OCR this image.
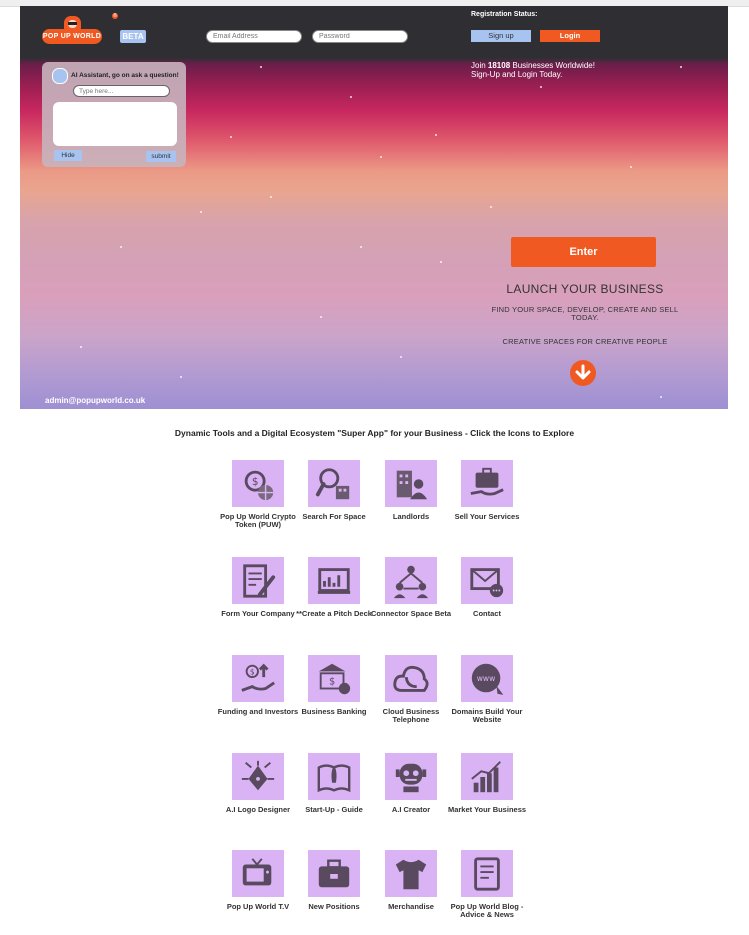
®
POP UP WORLD	BETA
Email Address
Registration Status:
Sign up	Login
Join 18108 Businesses Worldwide!
Sign-Up and Login Today.
AI Assistant, go on ask a question!
Type here...
Hide	submit
Enter
LAUNCH YOUR BUSINESS
FIND YOUR SPACE, DEVELOP, CREATE AND SELL TODAY.
CREATIVE SPACES FOR CREATIVE PEOPLE
admin@popupworld.co.uk
Dynamic Tools and a Digital Ecosystem "Super App" for your Business - Click the Icons to Explore
$
Pop Up World Crypto Token (PUW)
Search For Space	Landlords	Sell Your Services
Form Your Company **Create a Pitch Deck Connector Space Beta	Contact
$
Funding and Investors
$
Business Banking	Cloud Business Telephone
www
Domains Build Your Website
A.I Logo Designer	Start-Up - Guide	A.I Creator	Market Your Business
Pop Up World T.V	New Positions	Merchandise	Pop Up World Blog - Advice & News
